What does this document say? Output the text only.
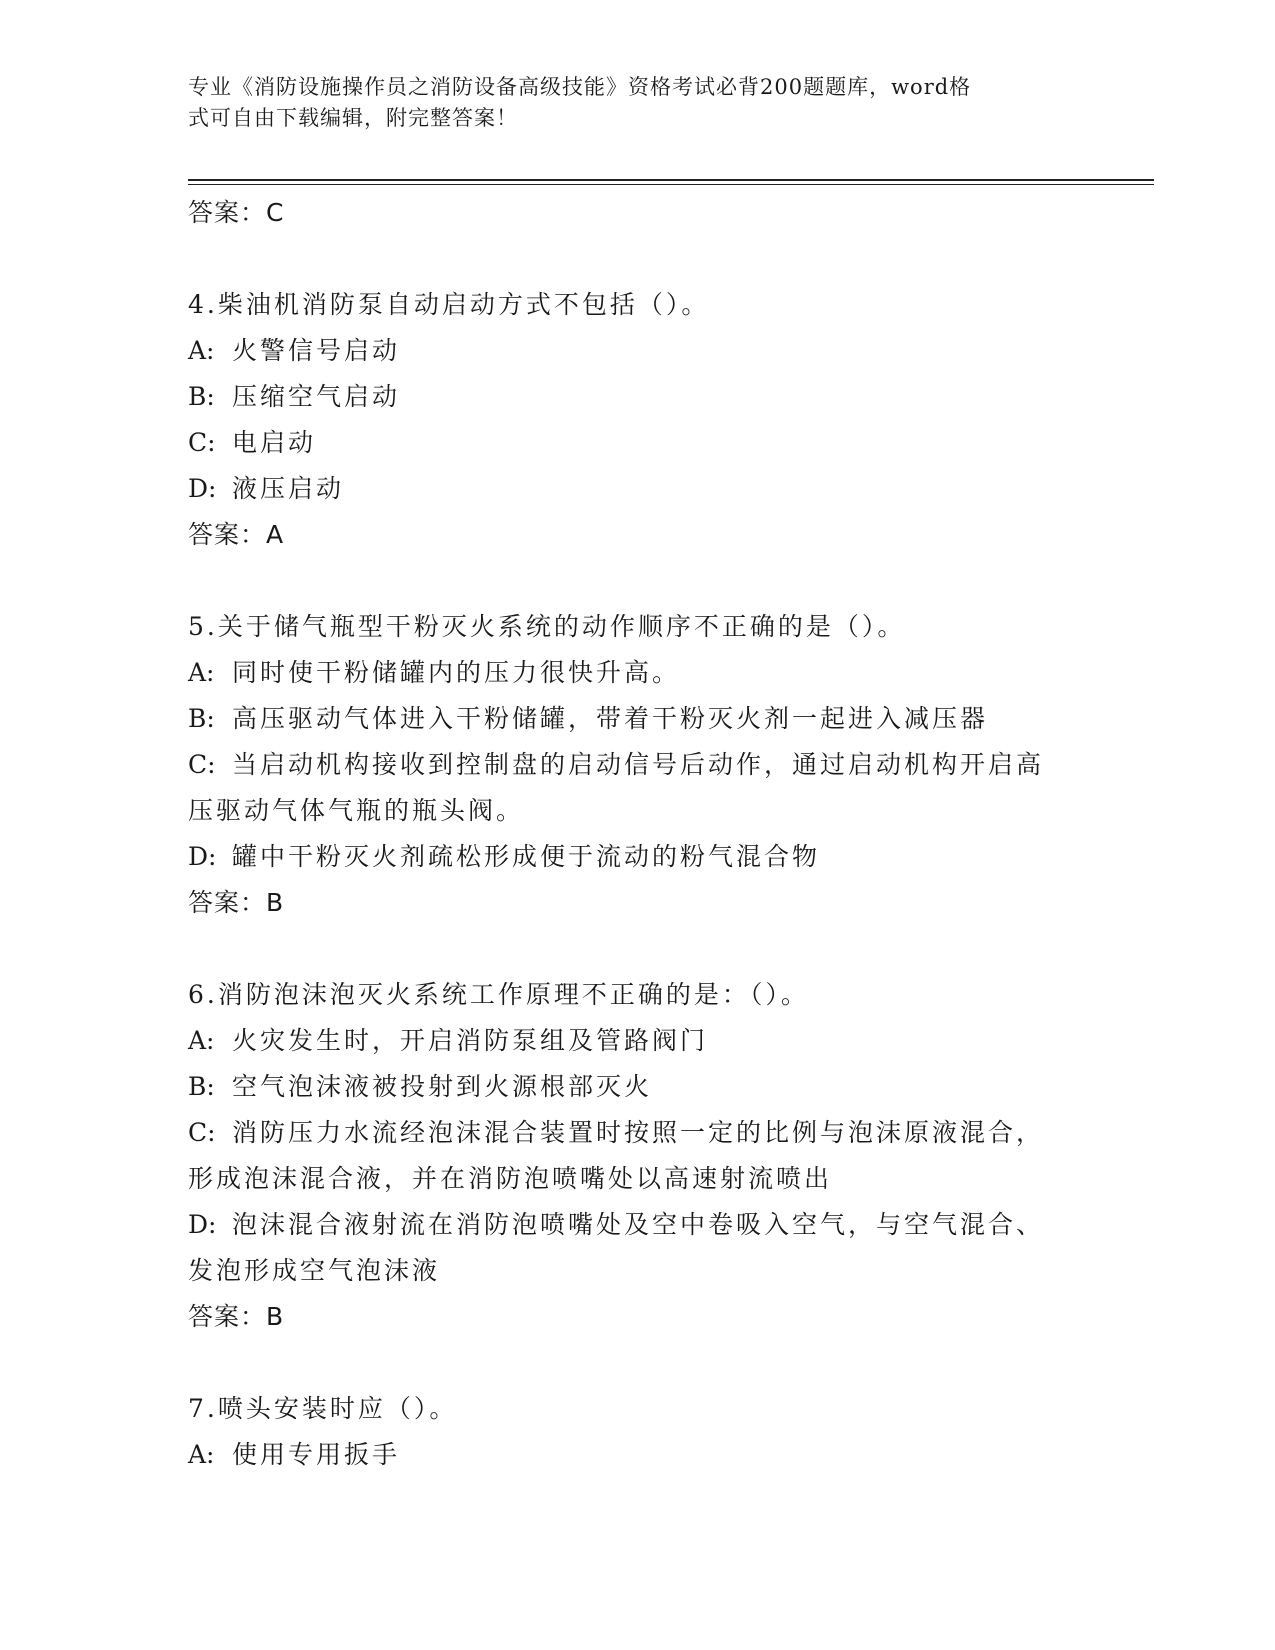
专业《消防设施操作员之消防设备高级技能》资格考试必背200题题库，word格
式可自由下载编辑，附完整答案！
答案：C
4.柴油机消防泵自动启动方式不包括（）。
A: 火警信号启动
B: 压缩空气启动
C: 电启动
D: 液压启动
答案：A
5.关于储气瓶型干粉灭火系统的动作顺序不正确的是（）。
A: 同时使干粉储罐内的压力很快升高。
B: 高压驱动气体进入干粉储罐，带着干粉灭火剂一起进入减压器
C: 当启动机构接收到控制盘的启动信号后动作，通过启动机构开启高
压驱动气体气瓶的瓶头阀。
D: 罐中干粉灭火剂疏松形成便于流动的粉气混合物
答案：B
6.消防泡沫泡灭火系统工作原理不正确的是：（）。
A: 火灾发生时，开启消防泵组及管路阀门
B: 空气泡沫液被投射到火源根部灭火
C: 消防压力水流经泡沫混合装置时按照一定的比例与泡沫原液混合，
形成泡沫混合液，并在消防泡喷嘴处以高速射流喷出
D: 泡沫混合液射流在消防泡喷嘴处及空中卷吸入空气，与空气混合、
发泡形成空气泡沫液
答案：B
7.喷头安装时应（）。
A: 使用专用扳手
